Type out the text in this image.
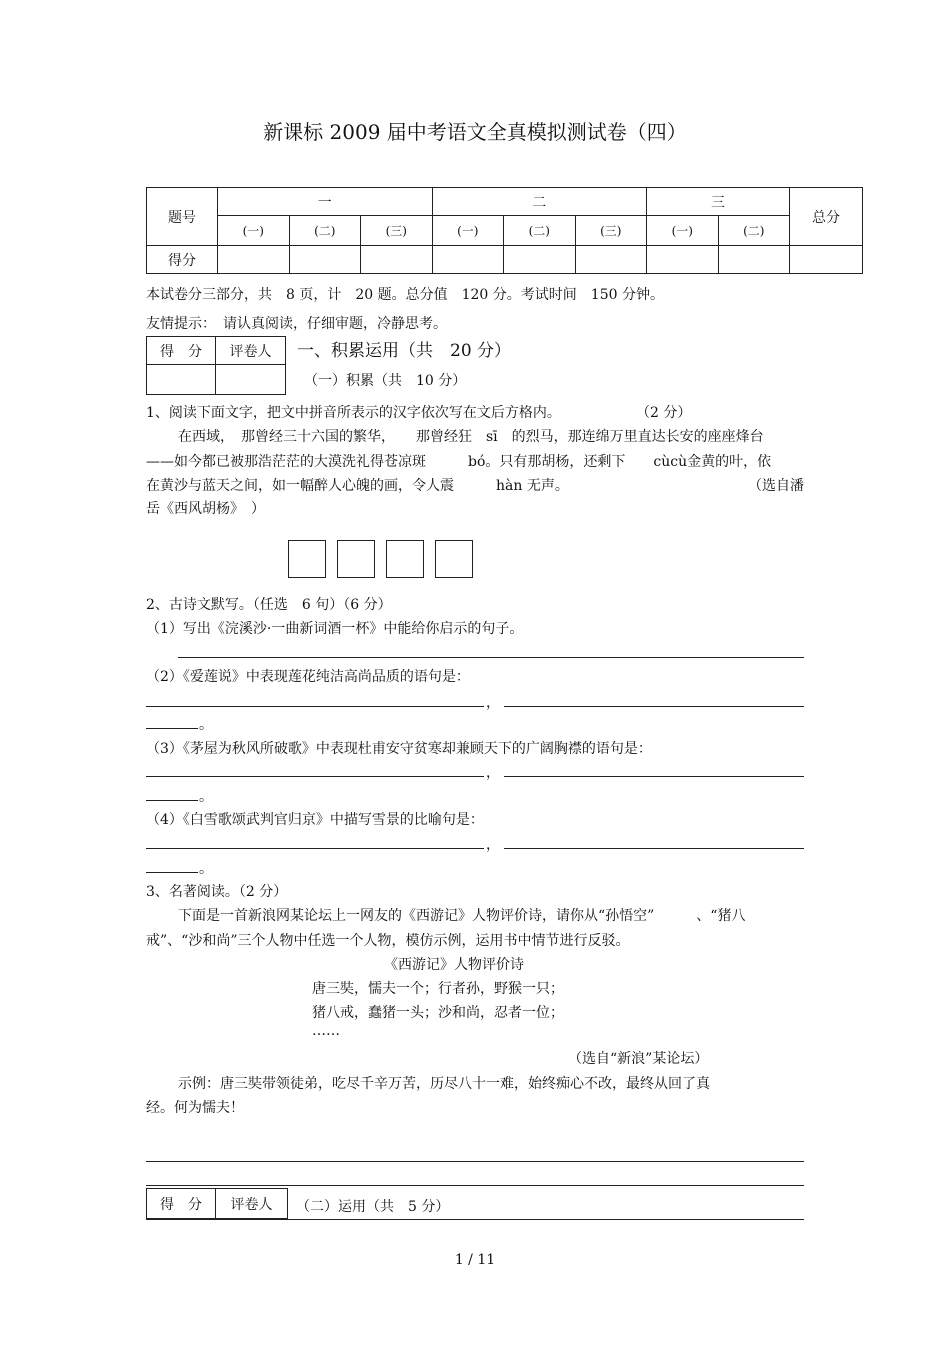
新课标 2009 届中考语文全真模拟测试卷（四）
题号	一			二			三		总分
	(一)	(二)	(三)	(一)	(二)	(三)	(一)	(二)	
得分									
本试卷分三部分，共　8 页，计　20 题。总分值　120 分。考试时间　150 分钟。
友情提示：　请认真阅读，仔细审题，冷静思考。
得　分	评卷人
	一、积累运用（共　20 分）
（一）积累（共　10 分）
1、阅读下面文字，把文中拼音所表示的汉字依次写在文后方格内。	（2 分）
在西域，　那曾经三十六国的繁华，　　那曾经狂　sī　的烈马，那连绵万里直达长安的座座烽台
——如今都已被那浩茫茫的大漠洗礼得苍凉斑　　　bó。只有那胡杨，还剩下　　cùcù金黄的叶，依
在黄沙与蓝天之间，如一幅醉人心魄的画，令人震　　　hàn 无声。	（选自潘
岳《西风胡杨》　）
2、古诗文默写。（任选　6 句）（6 分）
（1）写出《浣溪沙·一曲新词酒一杯》中能给你启示的句子。
（2）《爱莲说》中表现莲花纯洁高尚品质的语句是：
，
。
（3）《茅屋为秋风所破歌》中表现杜甫安守贫寒却兼顾天下的广阔胸襟的语句是：
，
。
（4）《白雪歌颂武判官归京》中描写雪景的比喻句是：
，
。
3、名著阅读。（2 分）
下面是一首新浪网某论坛上一网友的《西游记》人物评价诗，请你从“孙悟空”　　　、“猪八
戒”、“沙和尚”三个人物中任选一个人物，模仿示例，运用书中情节进行反驳。
《西游记》人物评价诗
唐三奘，懦夫一个；行者孙，野猴一只；
猪八戒，蠢猪一头；沙和尚，忍者一位；
……
（选自“新浪”某论坛）
示例：唐三奘带领徒弟，吃尽千辛万苦，历尽八十一难，始终痴心不改，最终从回了真
经。何为懦夫！
得　分	评卷人 （二）运用（共　5 分）
1 / 11
